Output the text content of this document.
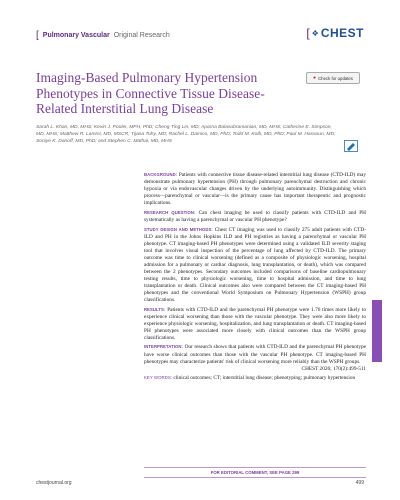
[ Pulmonary Vascular Original Research	[ ❖ CHEST
Imaging-Based Pulmonary Hypertension Phenotypes in Connective Tissue Disease-Related Interstitial Lung Disease
● Check for updates
Sarah L. Khan, MD, MHS; Kevin J. Pooler, MPH, PhD; Cheng Ting Lin, MD; Aparna Balasubramanian, MD, MHS; Catherine E. Simpson, MD, MHS; Matthew R. Lammi, MD, MSCR; Tijana Tuhy, MD; Rachel L. Damico, MD, PhD; Todd M. Kolb, MD, PhD; Paul M. Hassoun, MD; Soniye K. Danoff, MD, PhD; and Stephen C. Mathai, MD, MHS

BACKGROUND: Patients with connective tissue disease-related interstitial lung disease (CTD-ILD) may demonstrate pulmonary hypertension (PH) through pulmonary parenchymal destruction and chronic hypoxia or via endovascular changes driven by the underlying autoimmunity. Distinguishing which process—parenchymal or vascular—is the primary cause has important therapeutic and prognostic implications.

RESEARCH QUESTION: Can chest imaging be used to classify patients with CTD-ILD and PH systematically as having a parenchymal or vascular PH phenotype?

STUDY DESIGN AND METHODS: Chest CT imaging was used to classify 275 adult patients with CTD-ILD and PH in the Johns Hopkins ILD and PH registries as having a parenchymal or vascular PH phenotype. CT imaging-based PH phenotypes were determined using a validated ILD severity staging tool that involves visual inspection of the percentage of lung affected by CTD-ILD. The primary outcome was time to clinical worsening (defined as a composite of physiologic worsening, hospital admission for a pulmonary or cardiac diagnosis, lung transplantation, or death), which was compared between the 2 phenotypes. Secondary outcomes included comparisons of baseline cardiopulmonary testing results, time to physiologic worsening, time to hospital admission, and time to lung transplantation or death. Clinical outcomes also were compared between the CT imaging-based PH phenotypes and the conventional World Symposium on Pulmonary Hypertension (WSPH) group classifications.

RESULTS: Patients with CTD-ILD and the parenchymal PH phenotype were 1.76 times more likely to experience clinical worsening than those with the vascular phenotype. They were also more likely to experience physiologic worsening, hospitalization, and lung transplantation or death. CT imaging-based PH phenotypes were associated more closely with clinical outcomes than the WSPH group classifications.

INTERPRETATION: Our research shows that patients with CTD-ILD and the parenchymal PH phenotype have worse clinical outcomes than those with the vascular PH phenotype. CT imaging-based PH phenotypes may characterize patients' risk of clinical worsening more reliably than the WSPH groups.
CHEST 2026; 170(2):499-511

KEY WORDS: clinical outcomes; CT; interstitial lung disease; phenotyping; pulmonary hypertension

FOR EDITORIAL COMMENT, SEE PAGE 299
chestjournal.org	499
